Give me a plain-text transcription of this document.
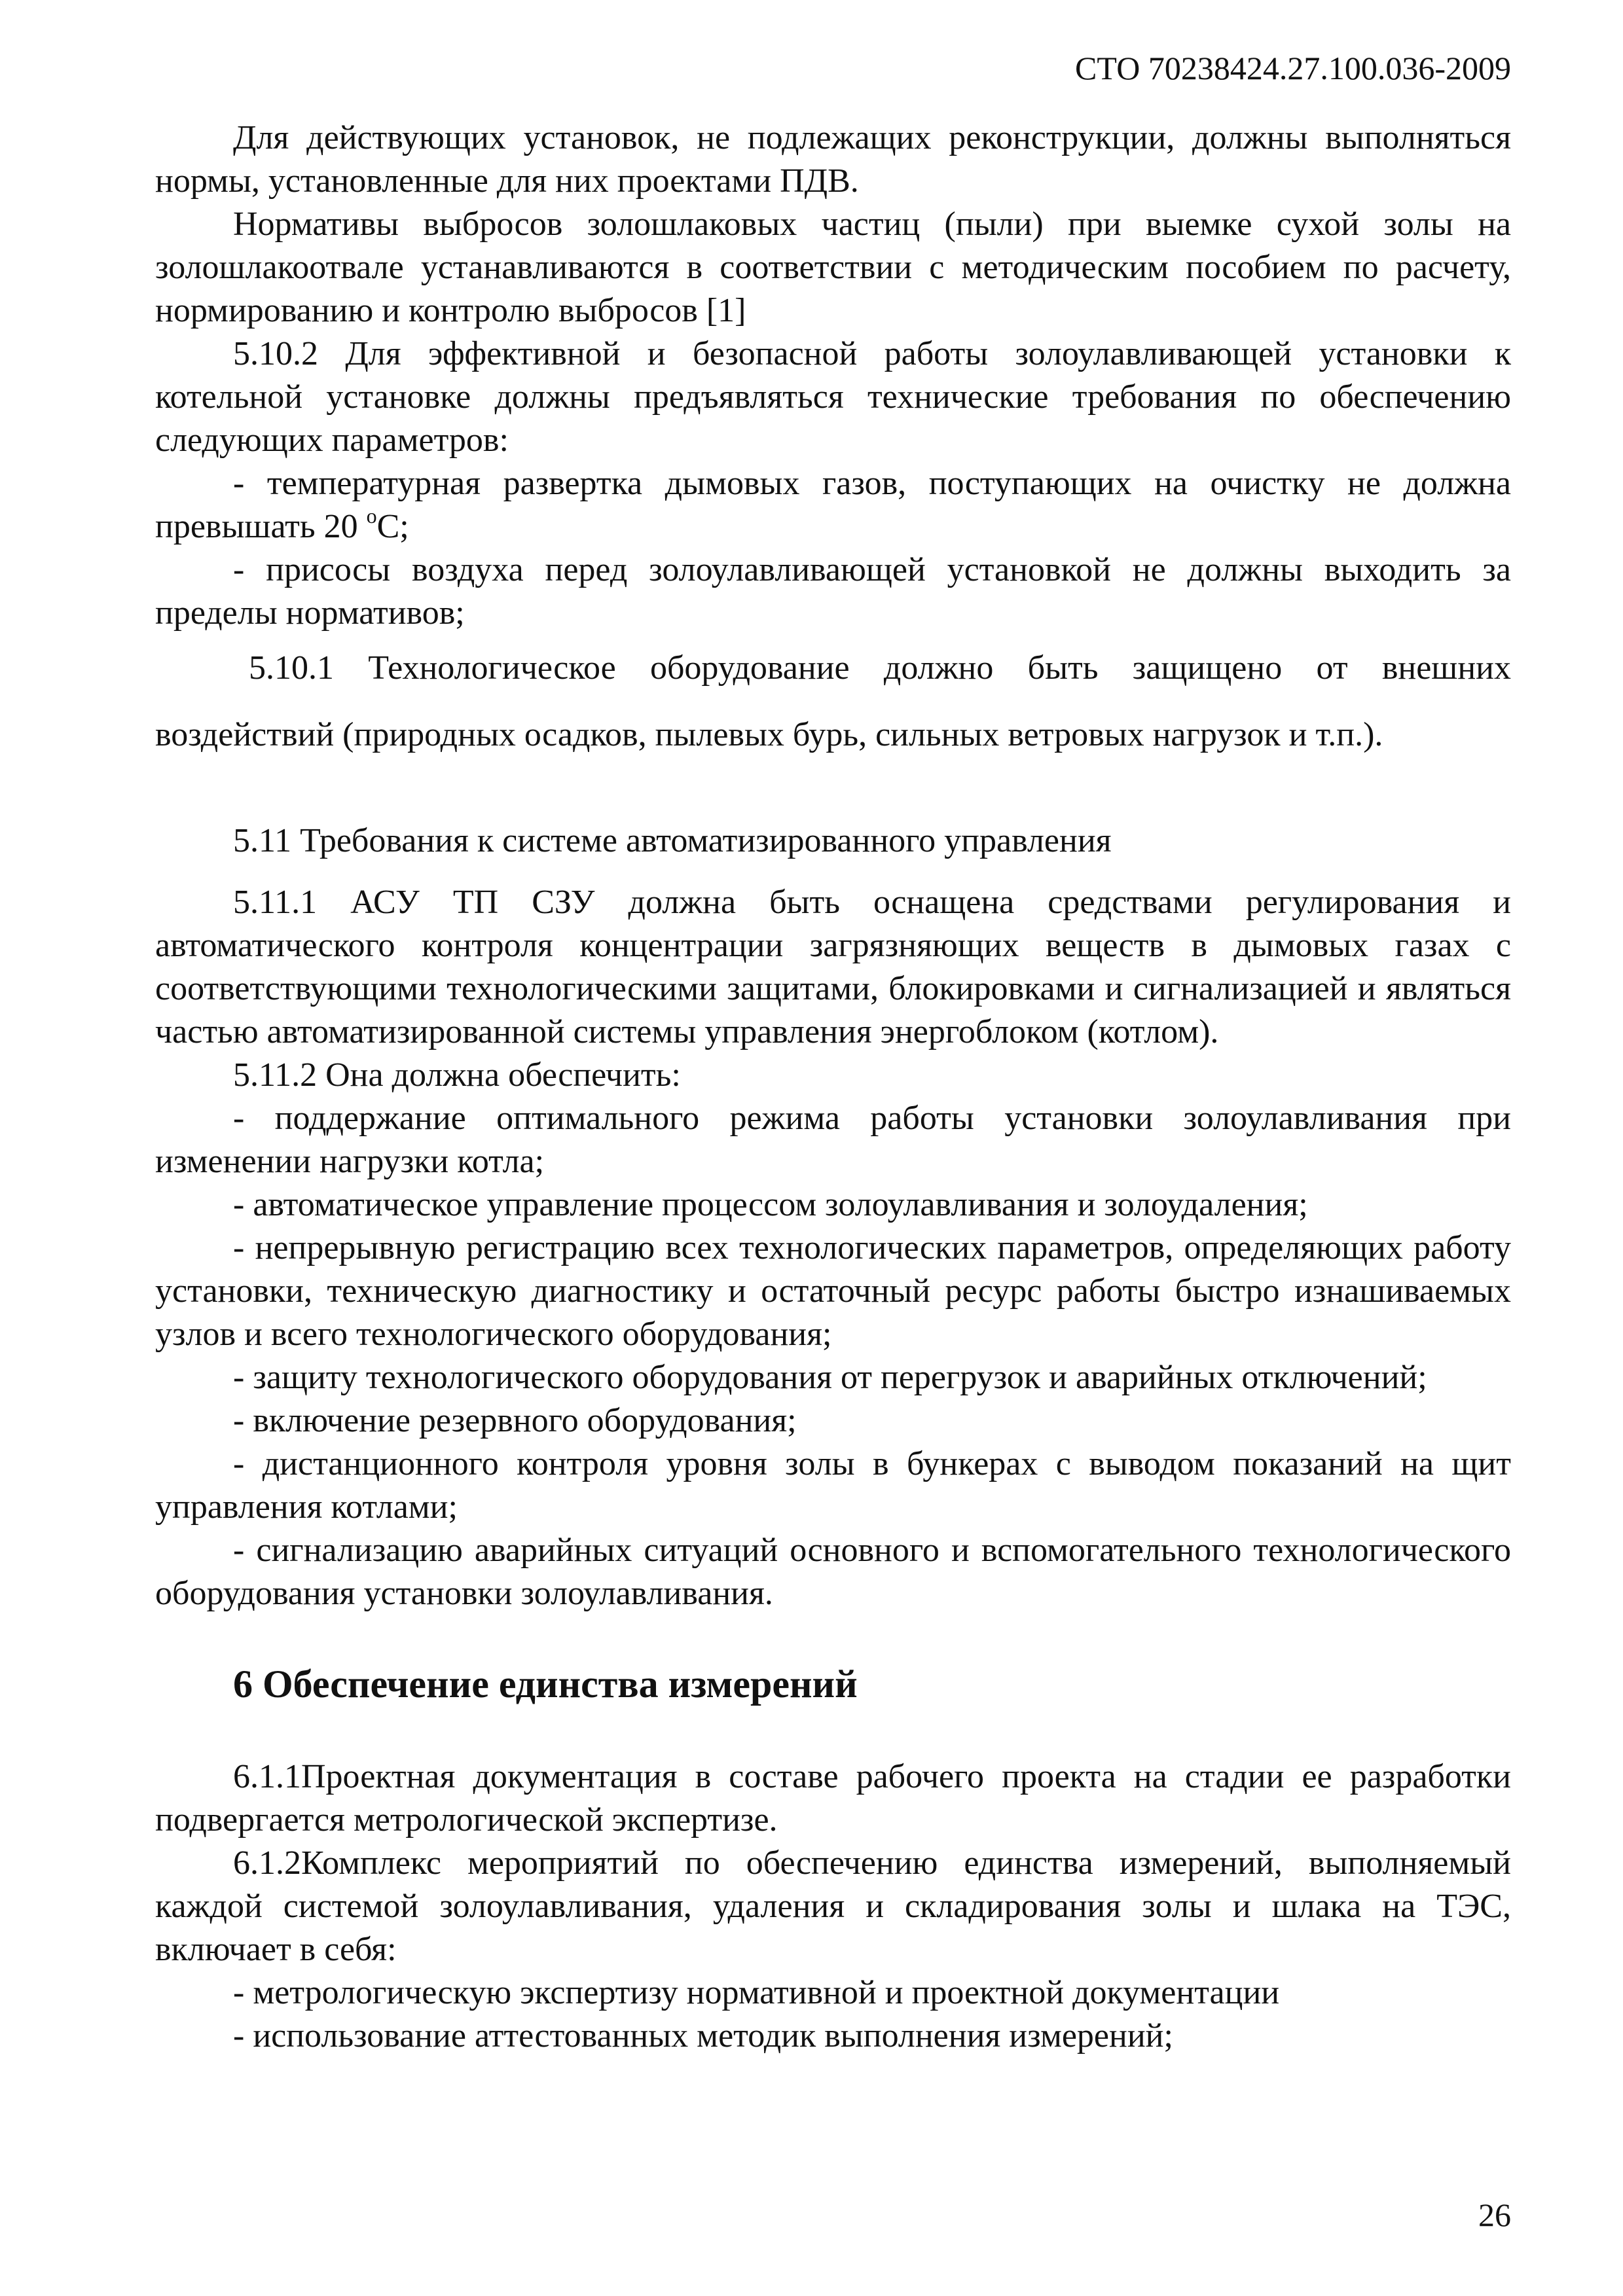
СТО 70238424.27.100.036-2009

Для действующих установок, не подлежащих реконструкции, должны выполняться нормы, установленные для них проектами ПДВ.

Нормативы выбросов золошлаковых частиц (пыли) при выемке сухой золы на золошлакоотвале устанавливаются в соответствии с методическим пособием по расчету, нормированию и контролю выбросов [1]

5.10.2 Для эффективной и безопасной работы золоулавливающей установки к котельной установке должны предъявляться технические требования по обеспечению следующих параметров:

- температурная развертка дымовых газов, поступающих на очистку не должна превышать 20 $^о$С;

- присосы воздуха перед золоулавливающей установкой не должны выходить за пределы нормативов;

5.10.1 Технологическое оборудование должно быть защищено от внешних воздействий (природных осадков, пылевых бурь, сильных ветровых нагрузок и т.п.).

5.11 Требования к системе автоматизированного управления

5.11.1 АСУ ТП СЗУ должна быть оснащена средствами регулирования и автоматического контроля концентрации загрязняющих веществ в дымовых газах с соответствующими технологическими защитами, блокировками и сигнализацией и являться частью автоматизированной системы управления энергоблоком (котлом).

5.11.2 Она должна обеспечить:

- поддержание оптимального режима работы установки золоулавливания при изменении нагрузки котла;

- автоматическое управление процессом золоулавливания и золоудаления;

- непрерывную регистрацию всех технологических параметров, определяющих работу установки, техническую диагностику и остаточный ресурс работы быстро изнашиваемых узлов и всего технологического оборудования;

- защиту технологического оборудования от перегрузок и аварийных отключений;

- включение резервного оборудования;

- дистанционного контроля уровня золы в бункерах с выводом показаний на щит управления котлами;

- сигнализацию аварийных ситуаций основного и вспомогательного технологического оборудования установки золоулавливания.

6 Обеспечение единства измерений

6.1.1Проектная документация в составе рабочего проекта на стадии ее разработки подвергается метрологической экспертизе.

6.1.2Комплекс мероприятий по обеспечению единства измерений, выполняемый каждой системой золоулавливания, удаления и складирования золы и шлака на ТЭС, включает в себя:

- метрологическую экспертизу нормативной и проектной документации

- использование аттестованных методик выполнения измерений;

26
